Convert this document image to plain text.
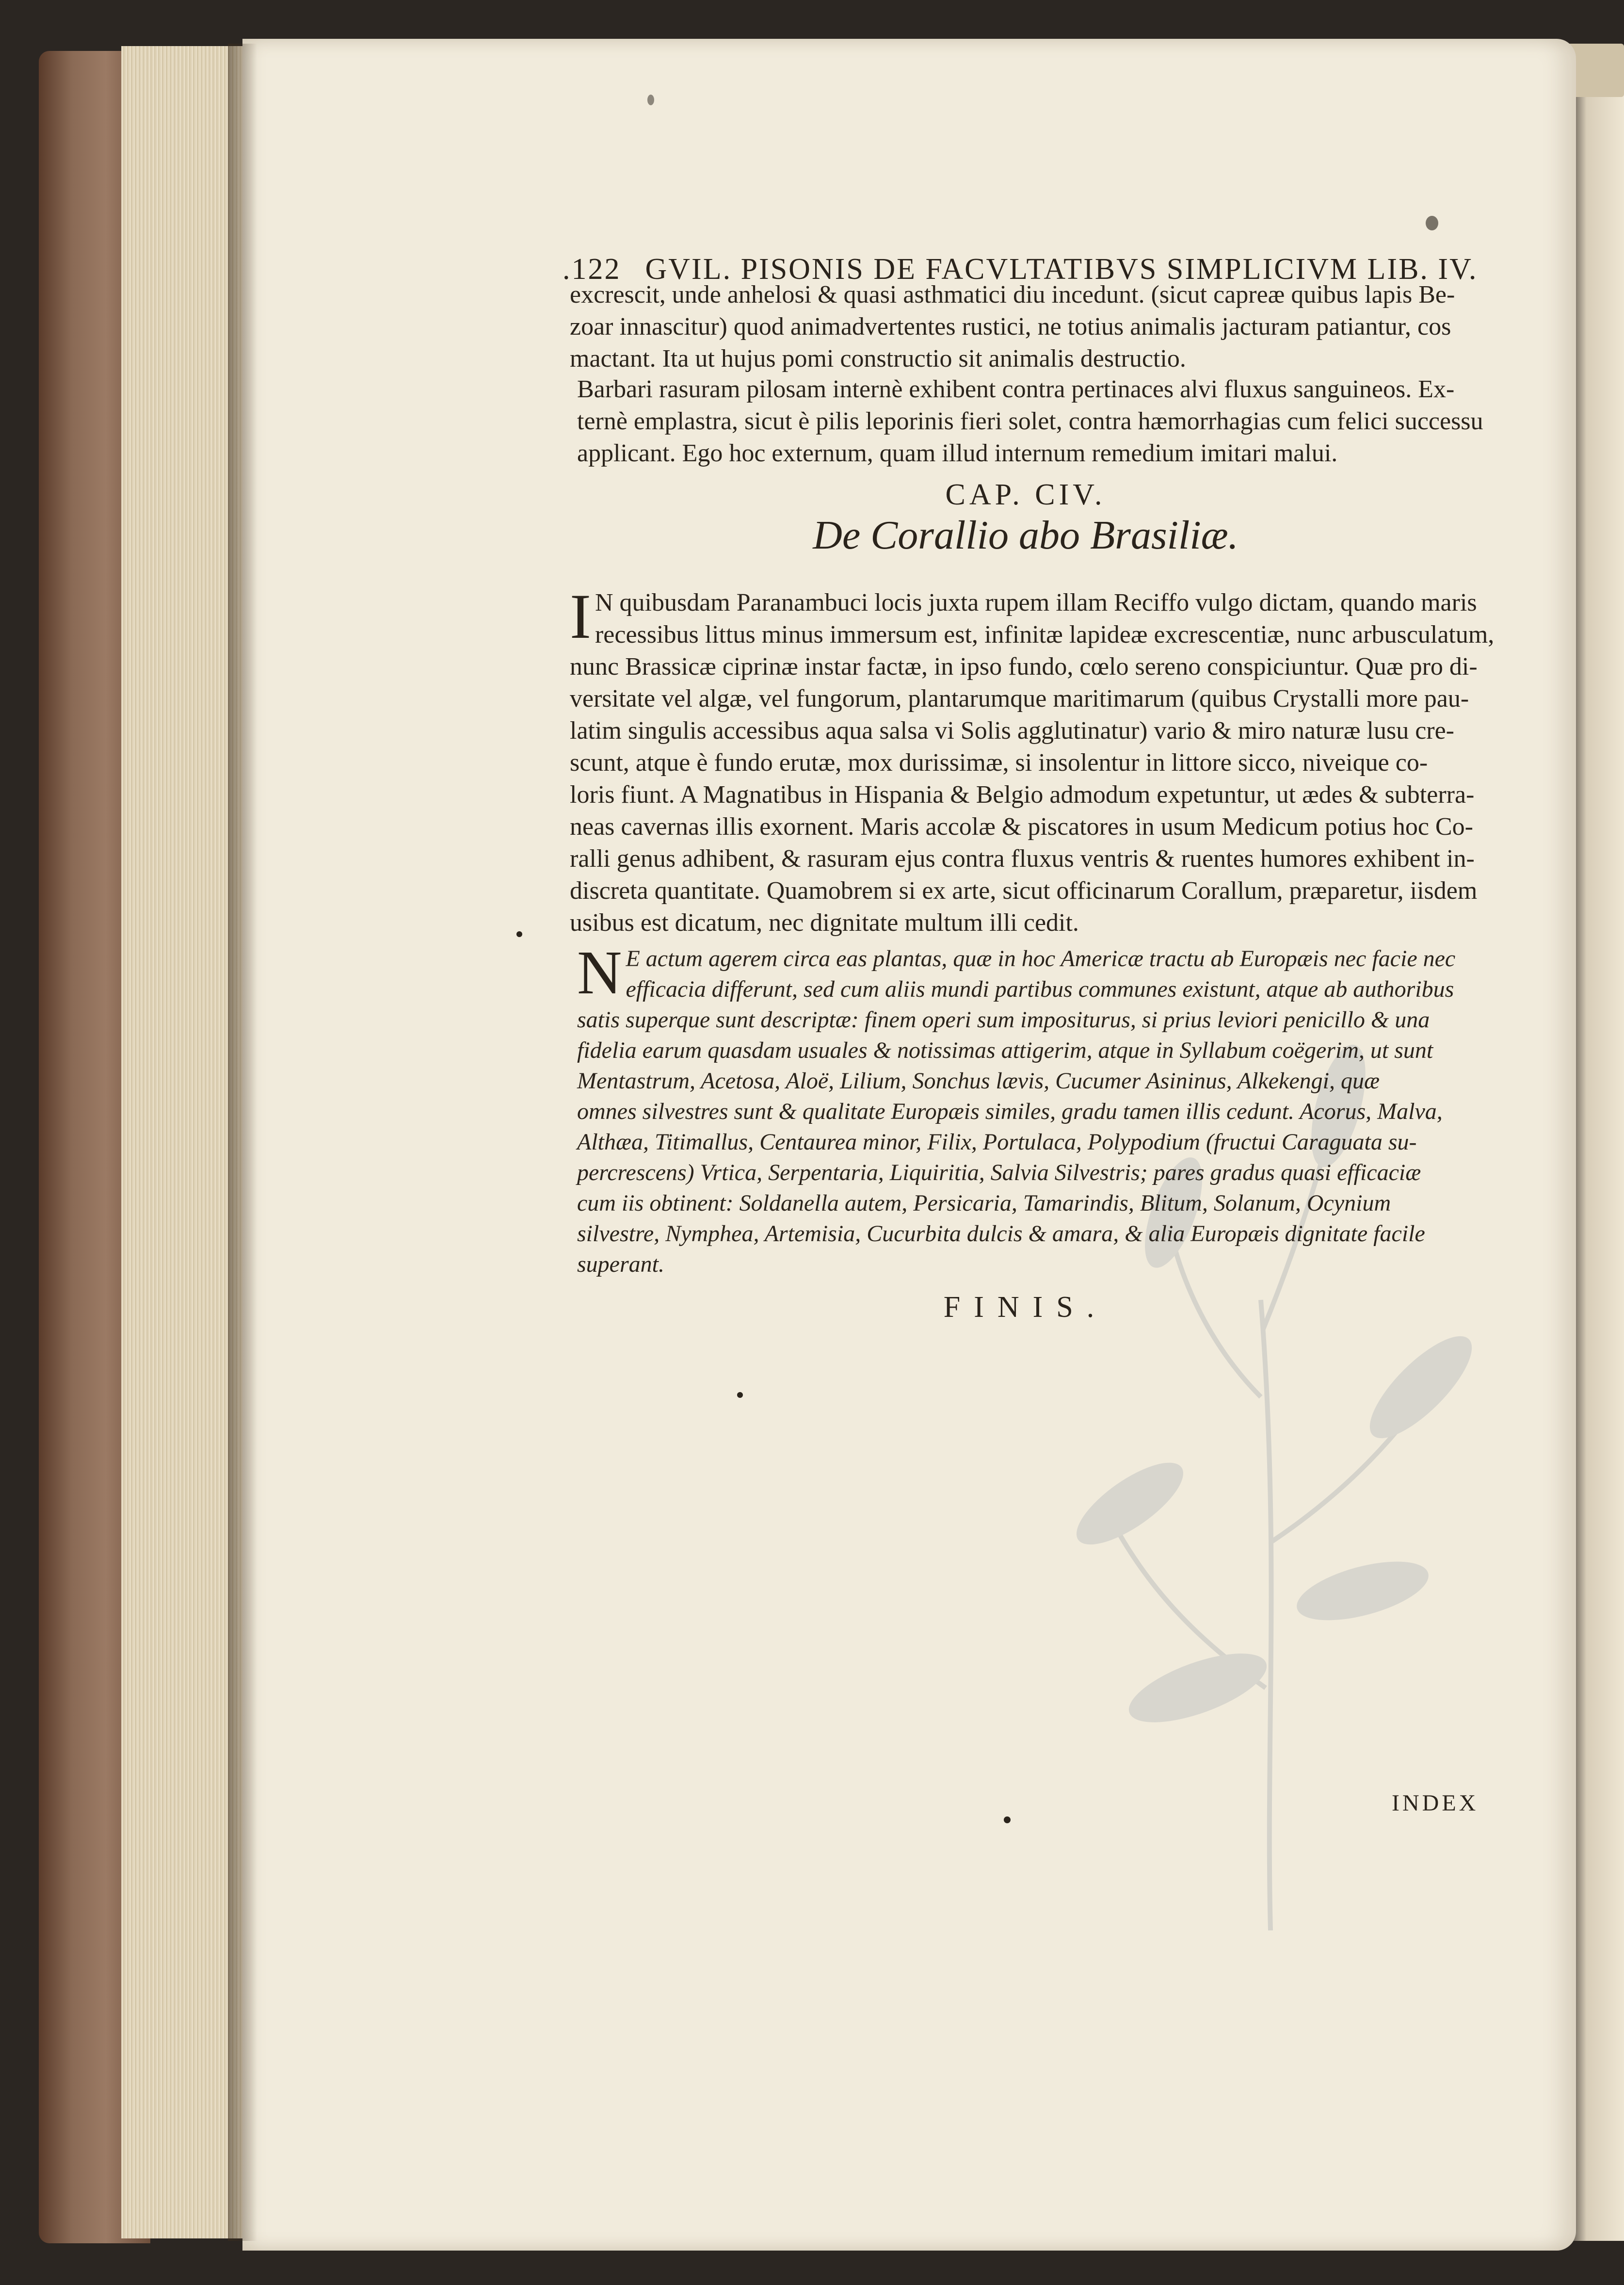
.122 GVIL. PISONIS DE FACVLTATIBVS SIMPLICIVM LIB. IV.
excrescit, unde anhelosi & quasi asthmatici diu incedunt. (sicut capreæ quibus lapis Be-
zoar innascitur) quod animadvertentes rustici, ne totius animalis jacturam patiantur, cos
mactant. Ita ut hujus pomi constructio sit animalis destructio.
Barbari rasuram pilosam internè exhibent contra pertinaces alvi fluxus sanguineos. Ex-
ternè emplastra, sicut è pilis leporinis fieri solet, contra hæmorrhagias cum felici successu
applicant. Ego hoc externum, quam illud internum remedium imitari malui.
CAP. CIV.
De Corallio abo Brasiliæ.
I N quibusdam Paranambuci locis juxta rupem illam Reciffo vulgo dictam, quando maris
recessibus littus minus immersum est, infinitæ lapideæ excrescentiæ, nunc arbusculatum,
nunc Brassicæ ciprinæ instar factæ, in ipso fundo, cœlo sereno conspiciuntur. Quæ pro di-
versitate vel algæ, vel fungorum, plantarumque maritimarum (quibus Crystalli more pau-
latim singulis accessibus aqua salsa vi Solis agglutinatur) vario & miro naturæ lusu cre-
scunt, atque è fundo erutæ, mox durissimæ, si insolentur in littore sicco, niveique co-
loris fiunt. A Magnatibus in Hispania & Belgio admodum expetuntur, ut ædes & subterra-
neas cavernas illis exornent. Maris accolæ & piscatores in usum Medicum potius hoc Co-
ralli genus adhibent, & rasuram ejus contra fluxus ventris & ruentes humores exhibent in-
discreta quantitate. Quamobrem si ex arte, sicut officinarum Corallum, præparetur, iisdem
usibus est dicatum, nec dignitate multum illi cedit.
N E actum agerem circa eas plantas, quæ in hoc Americæ tractu ab Europæis nec facie nec
efficacia differunt, sed cum aliis mundi partibus communes existunt, atque ab authoribus
satis superque sunt descriptæ: finem operi sum impositurus, si prius leviori penicillo & una
fidelia earum quasdam usuales & notissimas attigerim, atque in Syllabum coëgerim, ut sunt
Mentastrum, Acetosa, Aloë, Lilium, Sonchus lævis, Cucumer Asininus, Alkekengi, quæ
omnes silvestres sunt & qualitate Europæis similes, gradu tamen illis cedunt. Acorus, Malva,
Althæa, Titimallus, Centaurea minor, Filix, Portulaca, Polypodium (fructui Caraguata su-
percrescens) Vrtica, Serpentaria, Liquiritia, Salvia Silvestris; pares gradus quasi efficaciæ
cum iis obtinent: Soldanella autem, Persicaria, Tamarindis, Blitum, Solanum, Ocynium
silvestre, Nymphea, Artemisia, Cucurbita dulcis & amara, & alia Europæis dignitate facile
superant.
FINIS.
INDEX
